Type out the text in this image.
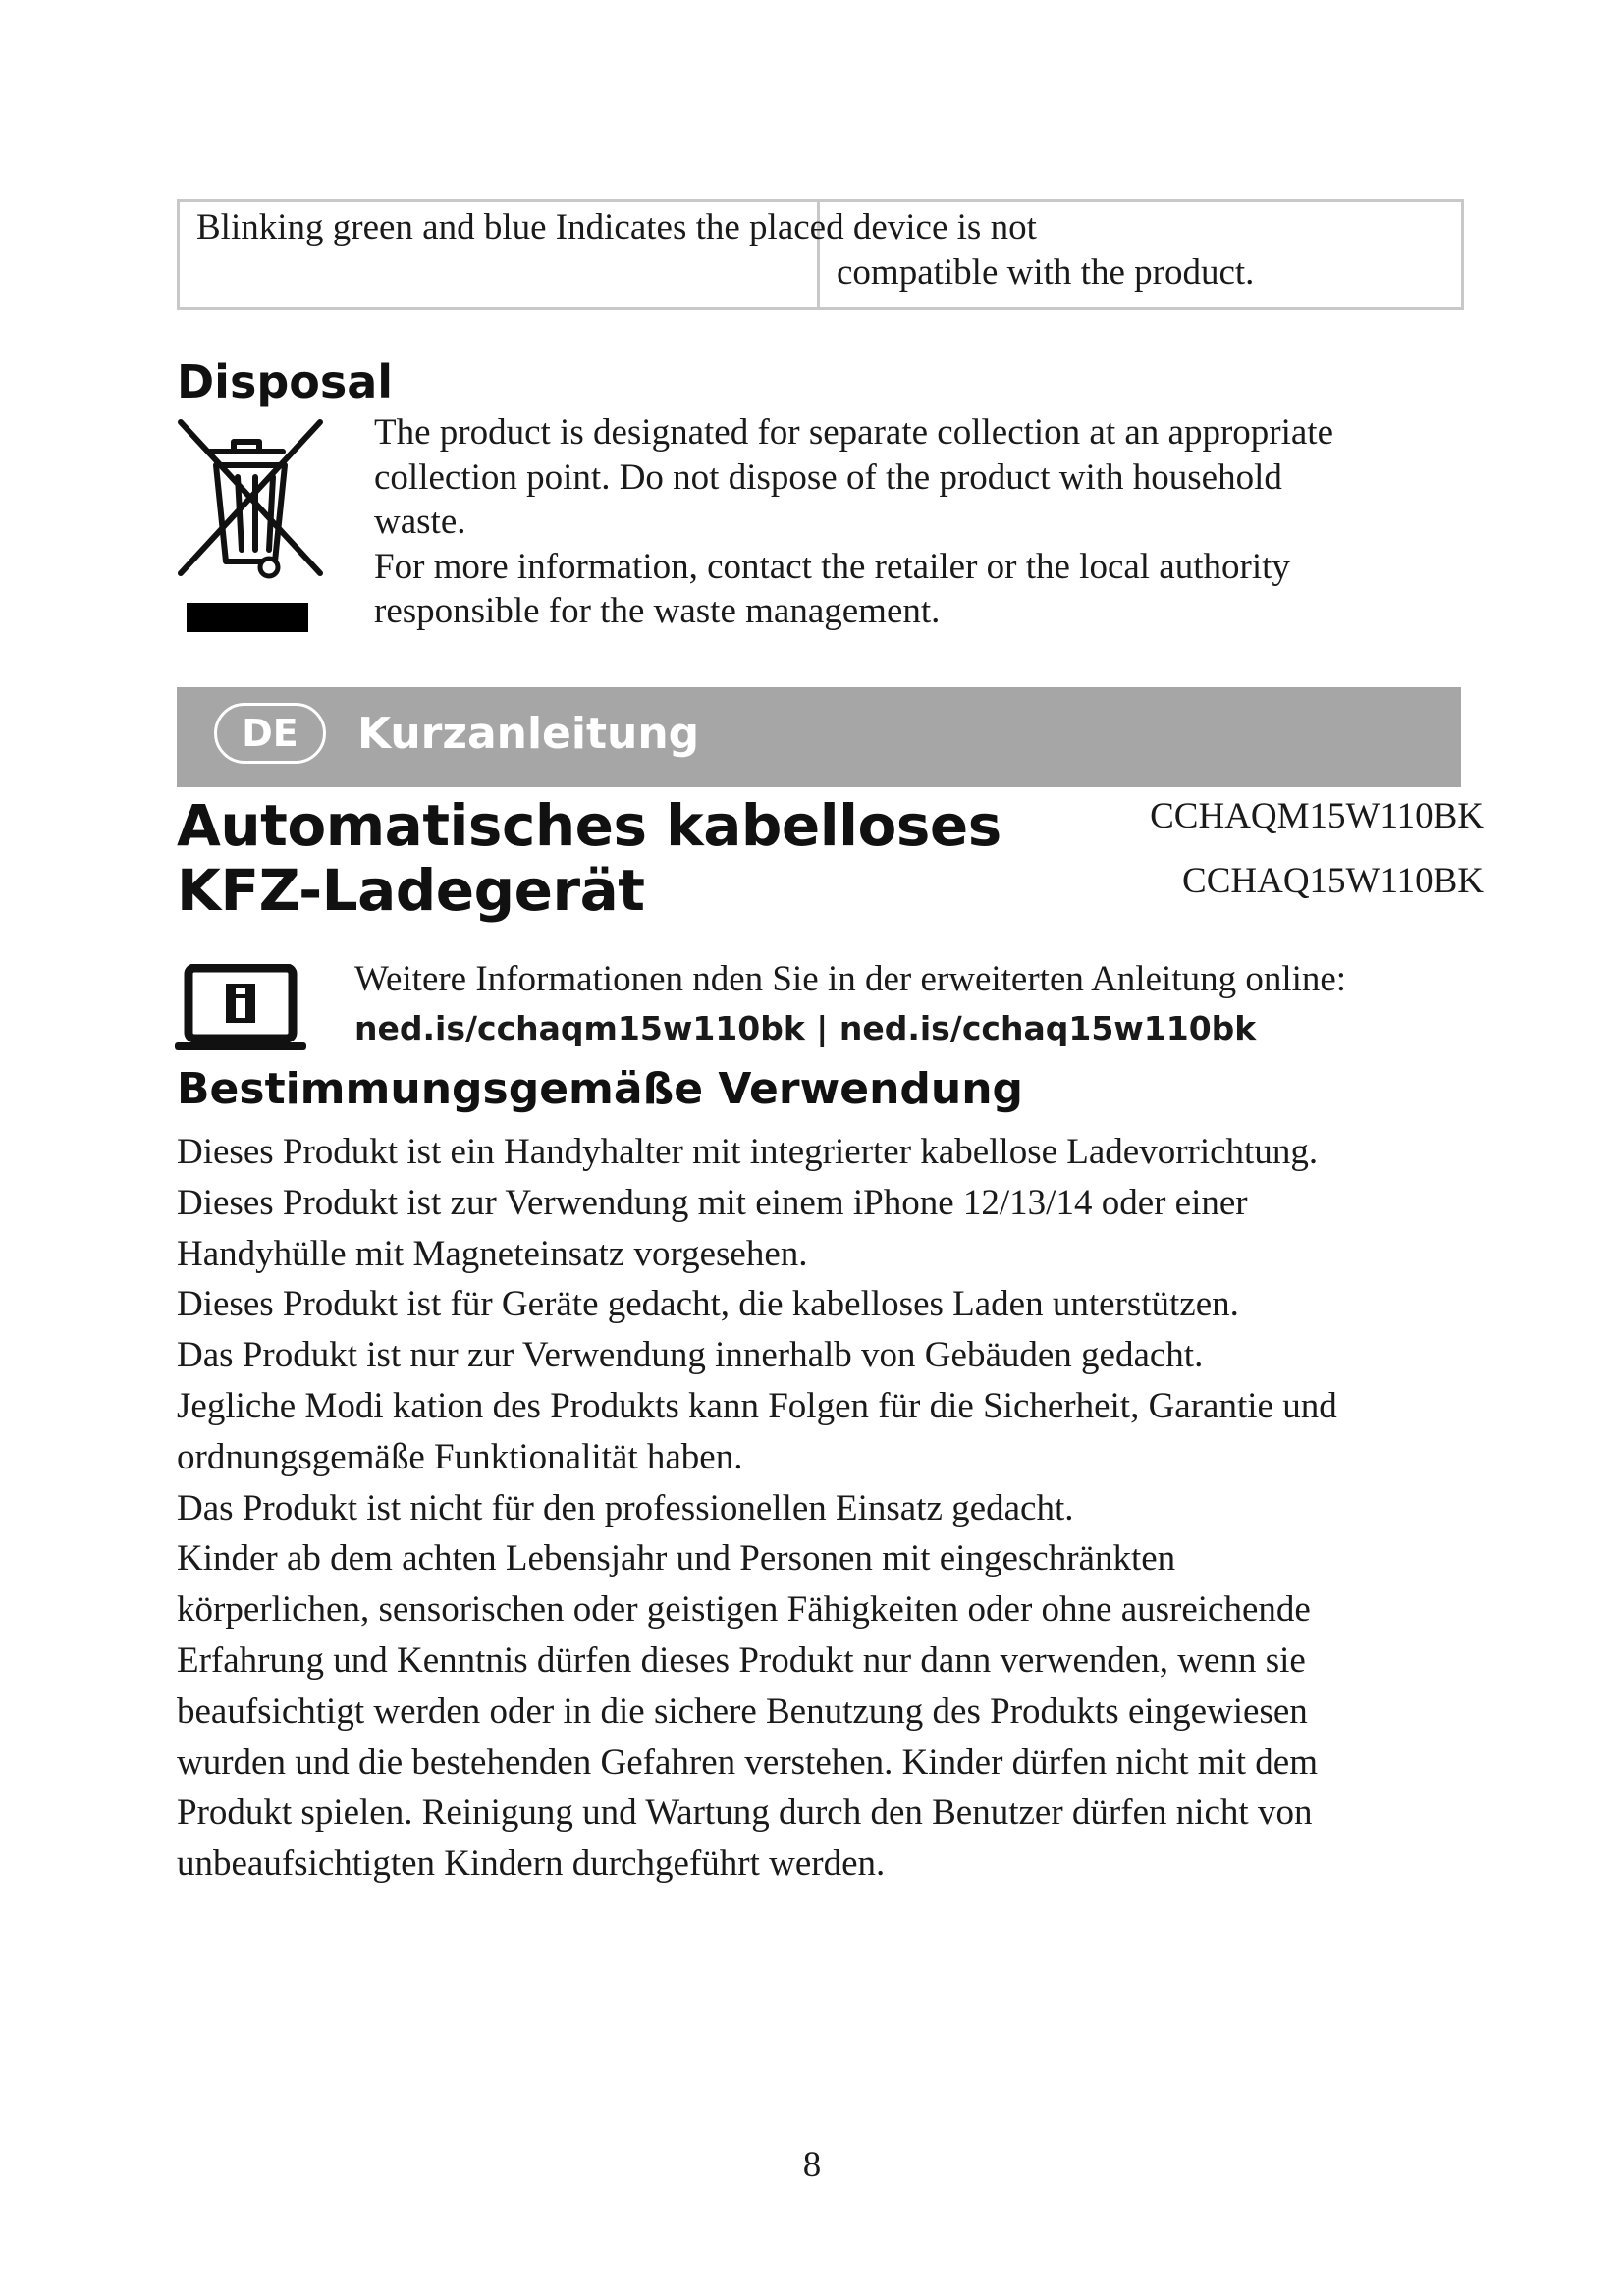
Blinking green and blue Indicates the placed device is not
compatible with the product.
Disposal
The product is designated for separate collection at an appropriate
collection point. Do not dispose of the product with household
waste.
For more information, contact the retailer or the local authority
responsible for the waste management.
DE	Kurzanleitung
Automatisches kabelloses
KFZ-Ladegerät
CCHAQM15W110BK
CCHAQ15W110BK
Weitere Informationen nden Sie in der erweiterten Anleitung online:
ned.is/cchaqm15w110bk | ned.is/cchaq15w110bk
Bestimmungsgemäße Verwendung

Dieses Produkt ist ein Handyhalter mit integrierter kabellose Ladevorrichtung.

Dieses Produkt ist zur Verwendung mit einem iPhone 12/13/14 oder einer

Handyhülle mit Magneteinsatz vorgesehen.

Dieses Produkt ist für Geräte gedacht, die kabelloses Laden unterstützen.

Das Produkt ist nur zur Verwendung innerhalb von Gebäuden gedacht.

Jegliche Modi kation des Produkts kann Folgen für die Sicherheit, Garantie und

ordnungsgemäße Funktionalität haben.

Das Produkt ist nicht für den professionellen Einsatz gedacht.

Kinder ab dem achten Lebensjahr und Personen mit eingeschränkten

körperlichen, sensorischen oder geistigen Fähigkeiten oder ohne ausreichende

Erfahrung und Kenntnis dürfen dieses Produkt nur dann verwenden, wenn sie

beaufsichtigt werden oder in die sichere Benutzung des Produkts eingewiesen

wurden und die bestehenden Gefahren verstehen. Kinder dürfen nicht mit dem

Produkt spielen. Reinigung und Wartung durch den Benutzer dürfen nicht von

unbeaufsichtigten Kindern durchgeführt werden.

8
